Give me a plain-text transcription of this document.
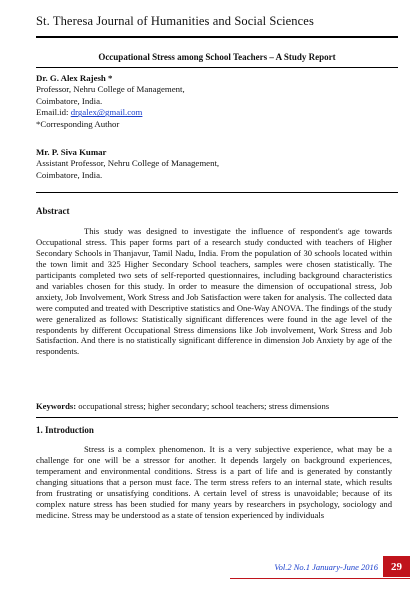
St. Theresa Journal of Humanities and Social Sciences
Occupational Stress among School Teachers – A Study Report
Dr. G. Alex Rajesh *
Professor, Nehru College of Management,
Coimbatore, India.
Email.id: drgalex@gmail.com
*Corresponding Author
Mr. P. Siva Kumar
Assistant Professor, Nehru College of Management,
Coimbatore, India.
Abstract

This study was designed to investigate the influence of respondent's age towards Occupational stress. This paper forms part of a research study conducted with teachers of Higher Secondary Schools in Thanjavur, Tamil Nadu, India. From the population of 30 schools located within the town limit and 325 Higher Secondary School teachers, samples were chosen statistically. The participants completed two sets of self-reported questionnaires, including background characteristics and variables chosen for this study. In order to measure the dimension of occupational stress, Job anxiety, Job Involvement, Work Stress and Job Satisfaction were taken for analysis. The collected data were computed and treated with Descriptive statistics and One-Way ANOVA. The findings of the study were generalized as follows: Statistically significant differences were found in the age level of the respondents by different Occupational Stress dimensions like Job involvement, Work Stress and Job Satisfaction. And there is no statistically significant difference in dimension Job Anxiety by age of the respondents.

Keywords: occupational stress; higher secondary; school teachers; stress dimensions

1. Introduction

Stress is a complex phenomenon. It is a very subjective experience, what may be a challenge for one will be a stressor for another. It depends largely on background experiences, temperament and environmental conditions. Stress is a part of life and is generated by constantly changing situations that a person must face. The term stress refers to an internal state, which results from frustrating or unsatisfying conditions. A certain level of stress is unavoidable; because of its complex nature stress has been studied for many years by researchers in psychology, sociology and medicine. Stress may be understood as a state of tension experienced by individuals

Vol.2 No.1 January-June 2016	29
